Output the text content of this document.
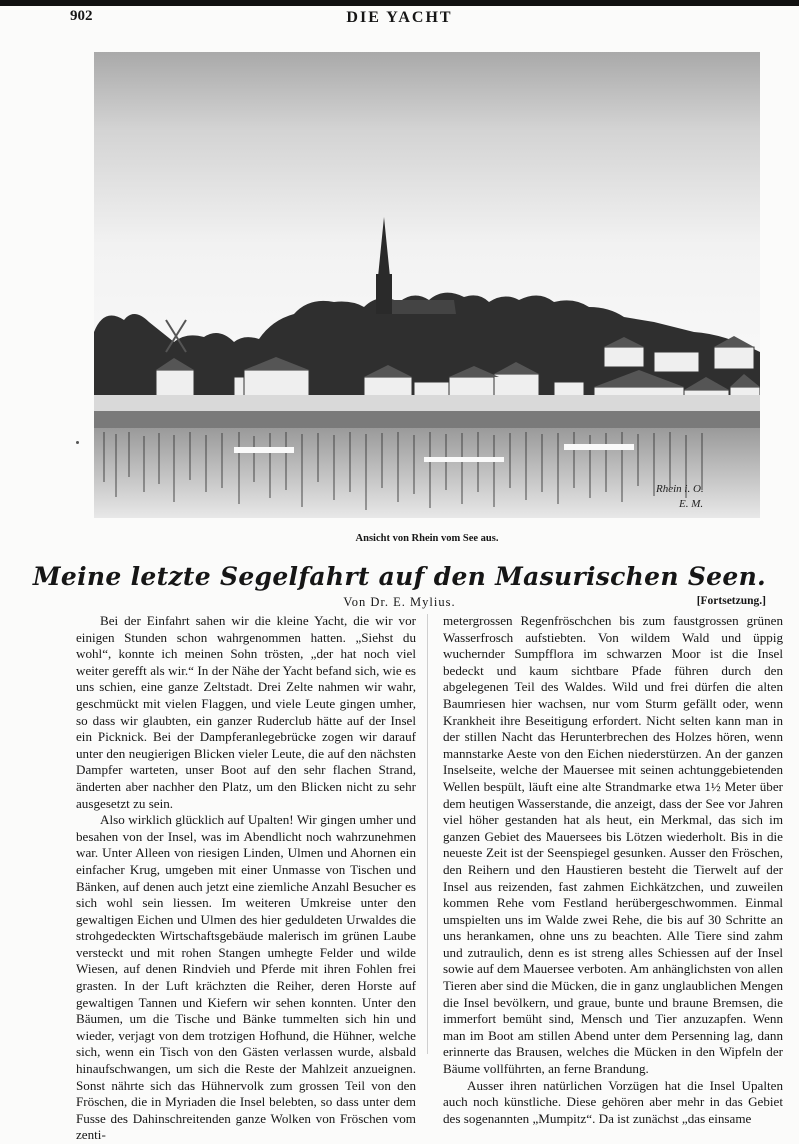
902	DIE YACHT
Rhein i. O.
E. M.
Ansicht von Rhein vom See aus.
Meine letzte Segelfahrt auf den Masurischen Seen.
Von Dr. E. Mylius.	[Fortsetzung.]

Bei der Einfahrt sahen wir die kleine Yacht, die wir vor einigen Stunden schon wahrgenommen hatten. „Siehst du wohl“, konnte ich meinen Sohn trösten, „der hat noch viel weiter gerefft als wir.“ In der Nähe der Yacht befand sich, wie es uns schien, eine ganze Zeltstadt. Drei Zelte nahmen wir wahr, geschmückt mit vielen Flaggen, und viele Leute gingen umher, so dass wir glaubten, ein ganzer Ruderclub hätte auf der Insel ein Picknick. Bei der Dampferanlegebrücke zogen wir darauf unter den neugierigen Blicken vieler Leute, die auf den nächsten Dampfer warteten, unser Boot auf den sehr flachen Strand, änderten aber nachher den Platz, um den Blicken nicht zu sehr ausgesetzt zu sein.

Also wirklich glücklich auf Upalten! Wir gingen umher und besahen von der Insel, was im Abendlicht noch wahrzunehmen war. Unter Alleen von riesigen Linden, Ulmen und Ahornen ein einfacher Krug, umgeben mit einer Unmasse von Tischen und Bänken, auf denen auch jetzt eine ziemliche Anzahl Besucher es sich wohl sein liessen. Im weiteren Umkreise unter den gewaltigen Eichen und Ulmen des hier geduldeten Urwaldes die strohgedeckten Wirtschaftsgebäude malerisch im grünen Laube versteckt und mit rohen Stangen umhegte Felder und wilde Wiesen, auf denen Rindvieh und Pferde mit ihren Fohlen frei grasten. In der Luft krächzten die Reiher, deren Horste auf gewaltigen Tannen und Kiefern wir sehen konnten. Unter den Bäumen, um die Tische und Bänke tummelten sich hin und wieder, verjagt von dem trotzigen Hofhund, die Hühner, welche sich, wenn ein Tisch von den Gästen verlassen wurde, alsbald hinaufschwangen, um sich die Reste der Mahlzeit anzueignen. Sonst nährte sich das Hühnervolk zum grossen Teil von den Fröschen, die in Myriaden die Insel belebten, so dass unter dem Fusse des Dahinschreitenden ganze Wolken von Fröschen vom zenti-

metergrossen Regenfröschchen bis zum faustgrossen grünen Wasserfrosch aufstiebten. Von wildem Wald und üppig wuchernder Sumpfflora im schwarzen Moor ist die Insel bedeckt und kaum sichtbare Pfade führen durch den abgelegenen Teil des Waldes. Wild und frei dürfen die alten Baumriesen hier wachsen, nur vom Sturm gefällt oder, wenn Krankheit ihre Beseitigung erfordert. Nicht selten kann man in der stillen Nacht das Herunterbrechen des Holzes hören, wenn mannstarke Aeste von den Eichen niederstürzen. An der ganzen Inselseite, welche der Mauersee mit seinen achtunggebietenden Wellen bespült, läuft eine alte Strandmarke etwa 1½ Meter über dem heutigen Wasserstande, die anzeigt, dass der See vor Jahren viel höher gestanden hat als heut, ein Merkmal, das sich im ganzen Gebiet des Mauersees bis Lötzen wiederholt. Bis in die neueste Zeit ist der Seenspiegel gesunken. Ausser den Fröschen, den Reihern und den Haustieren besteht die Tierwelt auf der Insel aus reizenden, fast zahmen Eichkätzchen, und zuweilen kommen Rehe vom Festland herübergeschwommen. Einmal umspielten uns im Walde zwei Rehe, die bis auf 30 Schritte an uns herankamen, ohne uns zu beachten. Alle Tiere sind zahm und zutraulich, denn es ist streng alles Schiessen auf der Insel sowie auf dem Mauersee verboten. Am anhänglichsten von allen Tieren aber sind die Mücken, die in ganz unglaublichen Mengen die Insel bevölkern, und graue, bunte und braune Bremsen, die immerfort bemüht sind, Mensch und Tier anzuzapfen. Wenn man im Boot am stillen Abend unter dem Persenning lag, dann erinnerte das Brausen, welches die Mücken in den Wipfeln der Bäume vollführten, an ferne Brandung.

Ausser ihren natürlichen Vorzügen hat die Insel Upalten auch noch künstliche. Diese gehören aber mehr in das Gebiet des sogenannten „Mumpitz“. Da ist zunächst „das einsame
